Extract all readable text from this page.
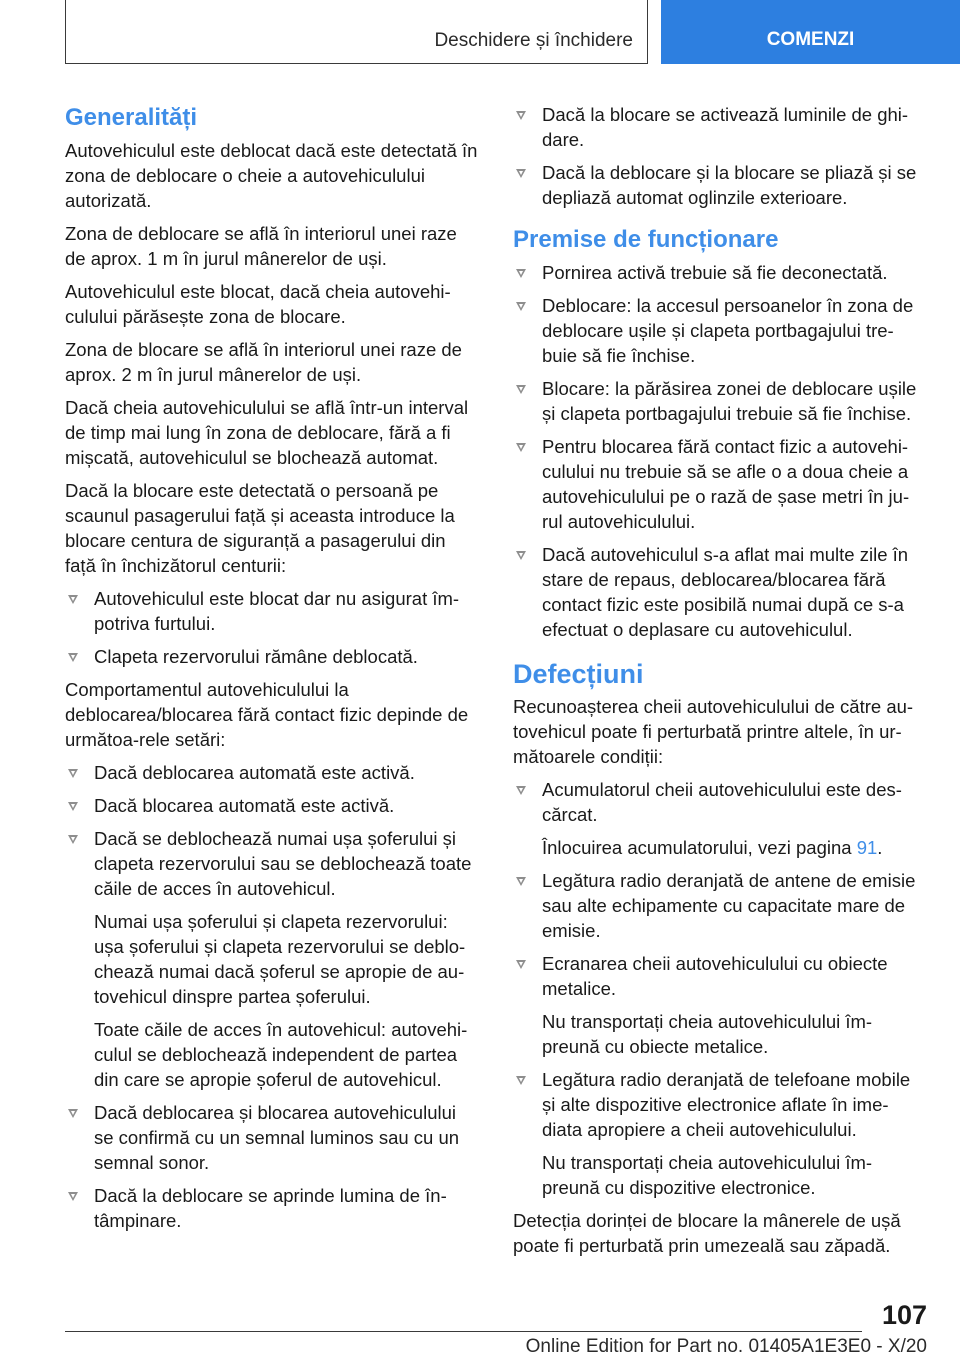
Deschidere și închidere	COMENZI
Generalități

Autovehiculul este deblocat dacă este detectată în zona de deblocare o cheie a autovehiculului autorizată.

Zona de deblocare se află în interiorul unei raze de aprox. 1 m în jurul mânerelor de uși.

Autovehiculul este blocat, dacă cheia autovehi-culului părăsește zona de blocare.

Zona de blocare se află în interiorul unei raze de aprox. 2 m în jurul mânerelor de uși.

Dacă cheia autovehiculului se află într-un interval de timp mai lung în zona de deblocare, fără a fi mișcată, autovehiculul se blochează automat.

Dacă la blocare este detectată o persoană pe scaunul pasagerului față și aceasta introduce la blocare centura de siguranță a pasagerului din față în închizătorul centurii:

Autovehiculul este blocat dar nu asigurat îm-potriva furtului.
Clapeta rezervorului rămâne deblocată.

Comportamentul autovehiculului la deblocarea/blocarea fără contact fizic depinde de următoa-rele setări:

Dacă deblocarea automată este activă.
Dacă blocarea automată este activă.
Dacă se deblochează numai ușa șoferului și clapeta rezervorului sau se deblochează toate căile de acces în autovehicul.
Numai ușa șoferului și clapeta rezervorului: ușa șoferului și clapeta rezervorului se deblo-chează numai dacă șoferul se apropie de au-tovehicul dinspre partea șoferului.
Toate căile de acces în autovehicul: autovehi-culul se deblochează independent de partea din care se apropie șoferul de autovehicul.
Dacă deblocarea și blocarea autovehiculului se confirmă cu un semnal luminos sau cu un semnal sonor.
Dacă la deblocare se aprinde lumina de în-tâmpinare.
Dacă la blocare se activează luminile de ghi-dare.
Dacă la deblocare și la blocare se pliază și se depliază automat oglinzile exterioare.
Premise de funcționare
Pornirea activă trebuie să fie deconectată.
Deblocare: la accesul persoanelor în zona de deblocare ușile și clapeta portbagajului tre-buie să fie închise.
Blocare: la părăsirea zonei de deblocare ușile și clapeta portbagajului trebuie să fie închise.
Pentru blocarea fără contact fizic a autovehi-culului nu trebuie să se afle o a doua cheie a autovehiculului pe o rază de șase metri în ju-rul autovehiculului.
Dacă autovehiculul s-a aflat mai multe zile în stare de repaus, deblocarea/blocarea fără contact fizic este posibilă numai după ce s-a efectuat o deplasare cu autovehiculul.
Defecțiuni

Recunoașterea cheii autovehiculului de către au-tovehicul poate fi perturbată printre altele, în ur-mătoarele condiții:

Acumulatorul cheii autovehiculului este des-cărcat.
Înlocuirea acumulatorului, vezi pagina 91.
Legătura radio deranjată de antene de emisie sau alte echipamente cu capacitate mare de emisie.
Ecranarea cheii autovehiculului cu obiecte metalice.
Nu transportați cheia autovehiculului îm-preună cu obiecte metalice.
Legătura radio deranjată de telefoane mobile și alte dispozitive electronice aflate în ime-diata apropiere a cheii autovehiculului.
Nu transportați cheia autovehiculului îm-preună cu dispozitive electronice.

Detecția dorinței de blocare la mânerele de ușă poate fi perturbată prin umezeală sau zăpadă.

107
Online Edition for Part no. 01405A1E3E0 - X/20
